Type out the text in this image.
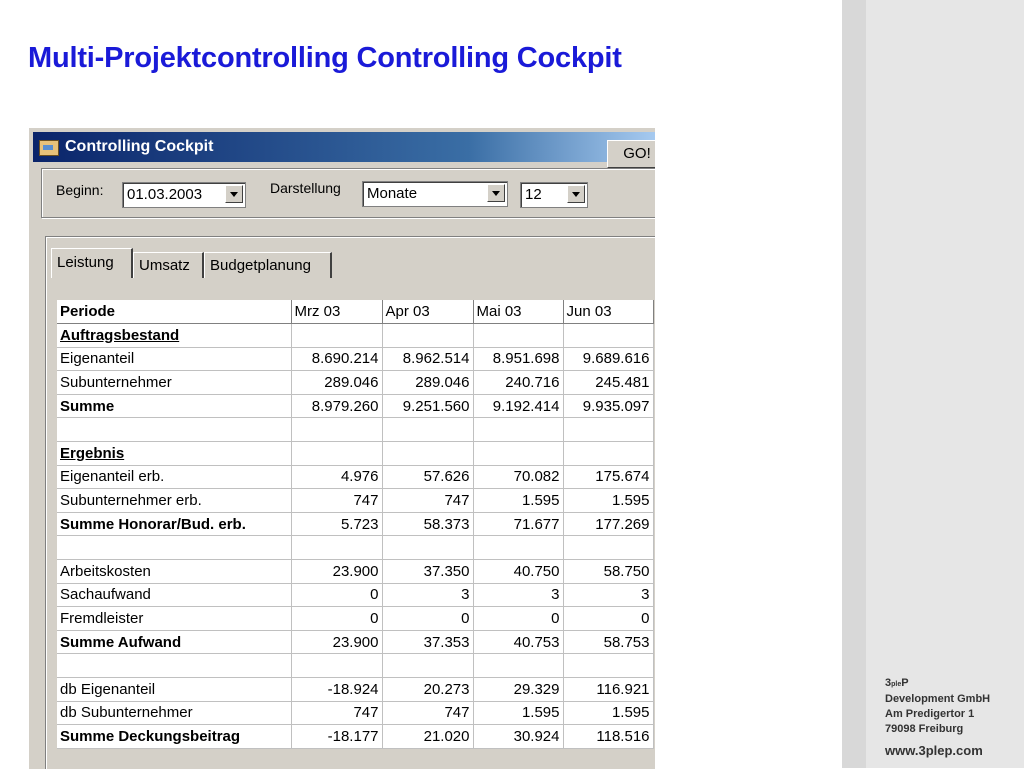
Multi-Projektcontrolling Controlling Cockpit
3pleP
Development GmbH
Am Predigertor 1
79098 Freiburg
www.3plep.com
Controlling Cockpit
Beginn: 01.03.2003	Darstellung Monate	12
GO!
Leistung	Umsatz	Budgetplanung
Periode	Mrz 03	Apr 03	Mai 03	Jun 03
Auftragsbestand				
Eigenanteil	8.690.214	8.962.514	8.951.698	9.689.616
Subunternehmer	289.046	289.046	240.716	245.481
Summe	8.979.260	9.251.560	9.192.414	9.935.097

Ergebnis				
Eigenanteil erb.	4.976	57.626	70.082	175.674
Subunternehmer erb.	747	747	1.595	1.595
Summe Honorar/Bud. erb.	5.723	58.373	71.677	177.269

Arbeitskosten	23.900	37.350	40.750	58.750
Sachaufwand	0	3	3	3
Fremdleister	0	0	0	0
Summe Aufwand	23.900	37.353	40.753	58.753

db Eigenanteil	-18.924	20.273	29.329	116.921
db Subunternehmer	747	747	1.595	1.595
Summe Deckungsbeitrag	-18.177	21.020	30.924	118.516
